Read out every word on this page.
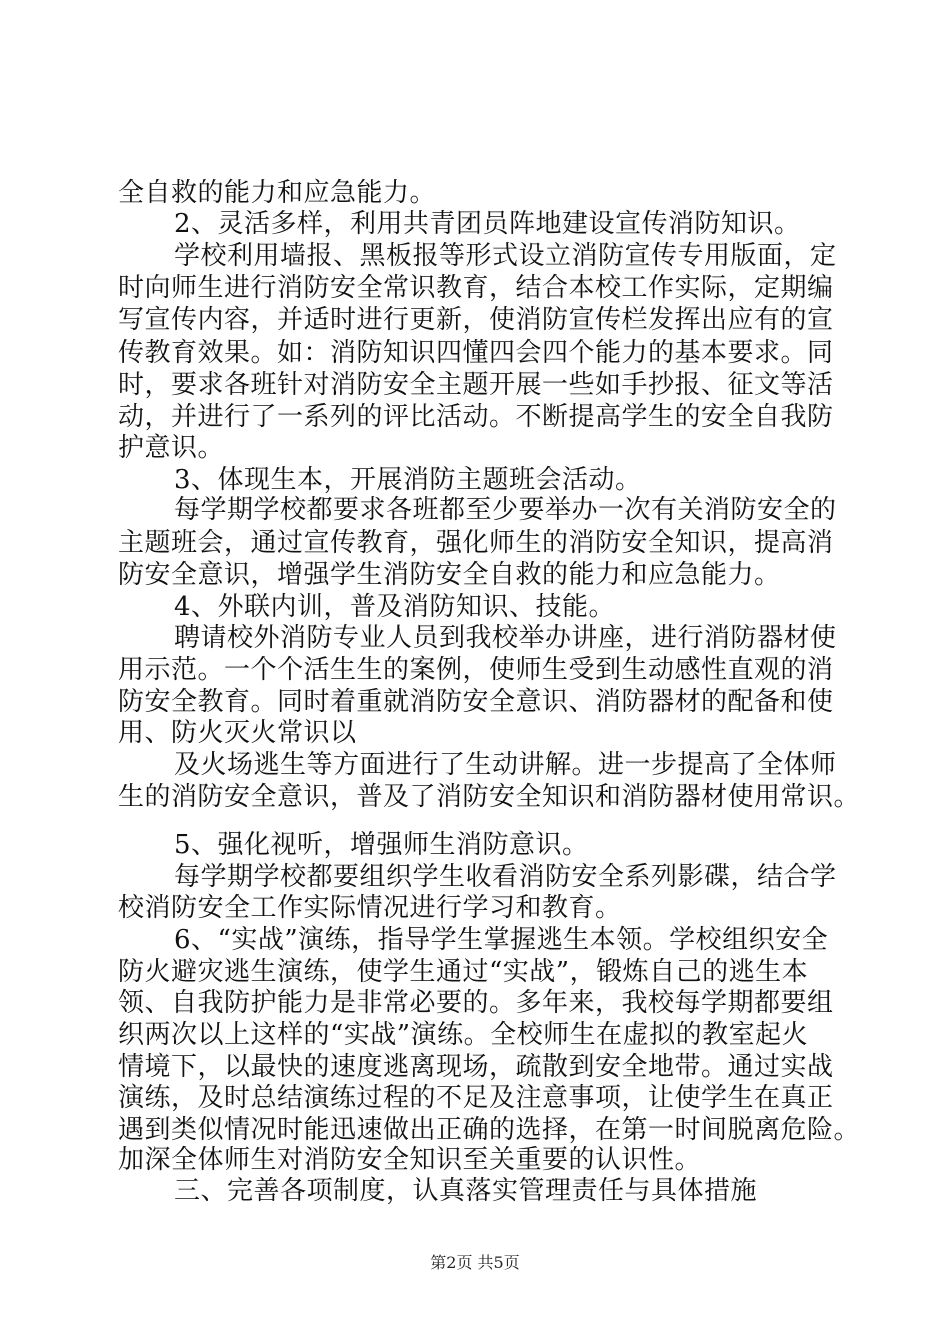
全自救的能力和应急能力。
2、灵活多样，利用共青团员阵地建设宣传消防知识。
学校利用墙报、黑板报等形式设立消防宣传专用版面，定
时向师生进行消防安全常识教育，结合本校工作实际，定期编
写宣传内容，并适时进行更新，使消防宣传栏发挥出应有的宣
传教育效果。如：消防知识四懂四会四个能力的基本要求。同
时，要求各班针对消防安全主题开展一些如手抄报、征文等活
动，并进行了一系列的评比活动。不断提高学生的安全自我防
护意识。
3、体现生本，开展消防主题班会活动。
每学期学校都要求各班都至少要举办一次有关消防安全的
主题班会，通过宣传教育，强化师生的消防安全知识，提高消
防安全意识，增强学生消防安全自救的能力和应急能力。
4、外联内训，普及消防知识、技能。
聘请校外消防专业人员到我校举办讲座，进行消防器材使
用示范。一个个活生生的案例，使师生受到生动感性直观的消
防安全教育。同时着重就消防安全意识、消防器材的配备和使
用、防火灭火常识以
及火场逃生等方面进行了生动讲解。进一步提高了全体师
生的消防安全意识，普及了消防安全知识和消防器材使用常识。
5、强化视听，增强师生消防意识。
每学期学校都要组织学生收看消防安全系列影碟，结合学
校消防安全工作实际情况进行学习和教育。
6、“实战”演练，指导学生掌握逃生本领。学校组织安全
防火避灾逃生演练，使学生通过“实战”，锻炼自己的逃生本
领、自我防护能力是非常必要的。多年来，我校每学期都要组
织两次以上这样的“实战”演练。全校师生在虚拟的教室起火
情境下，以最快的速度逃离现场，疏散到安全地带。通过实战
演练，及时总结演练过程的不足及注意事项，让使学生在真正
遇到类似情况时能迅速做出正确的选择，在第一时间脱离危险。
加深全体师生对消防安全知识至关重要的认识性。
三、完善各项制度，认真落实管理责任与具体措施
第2页 共5页
